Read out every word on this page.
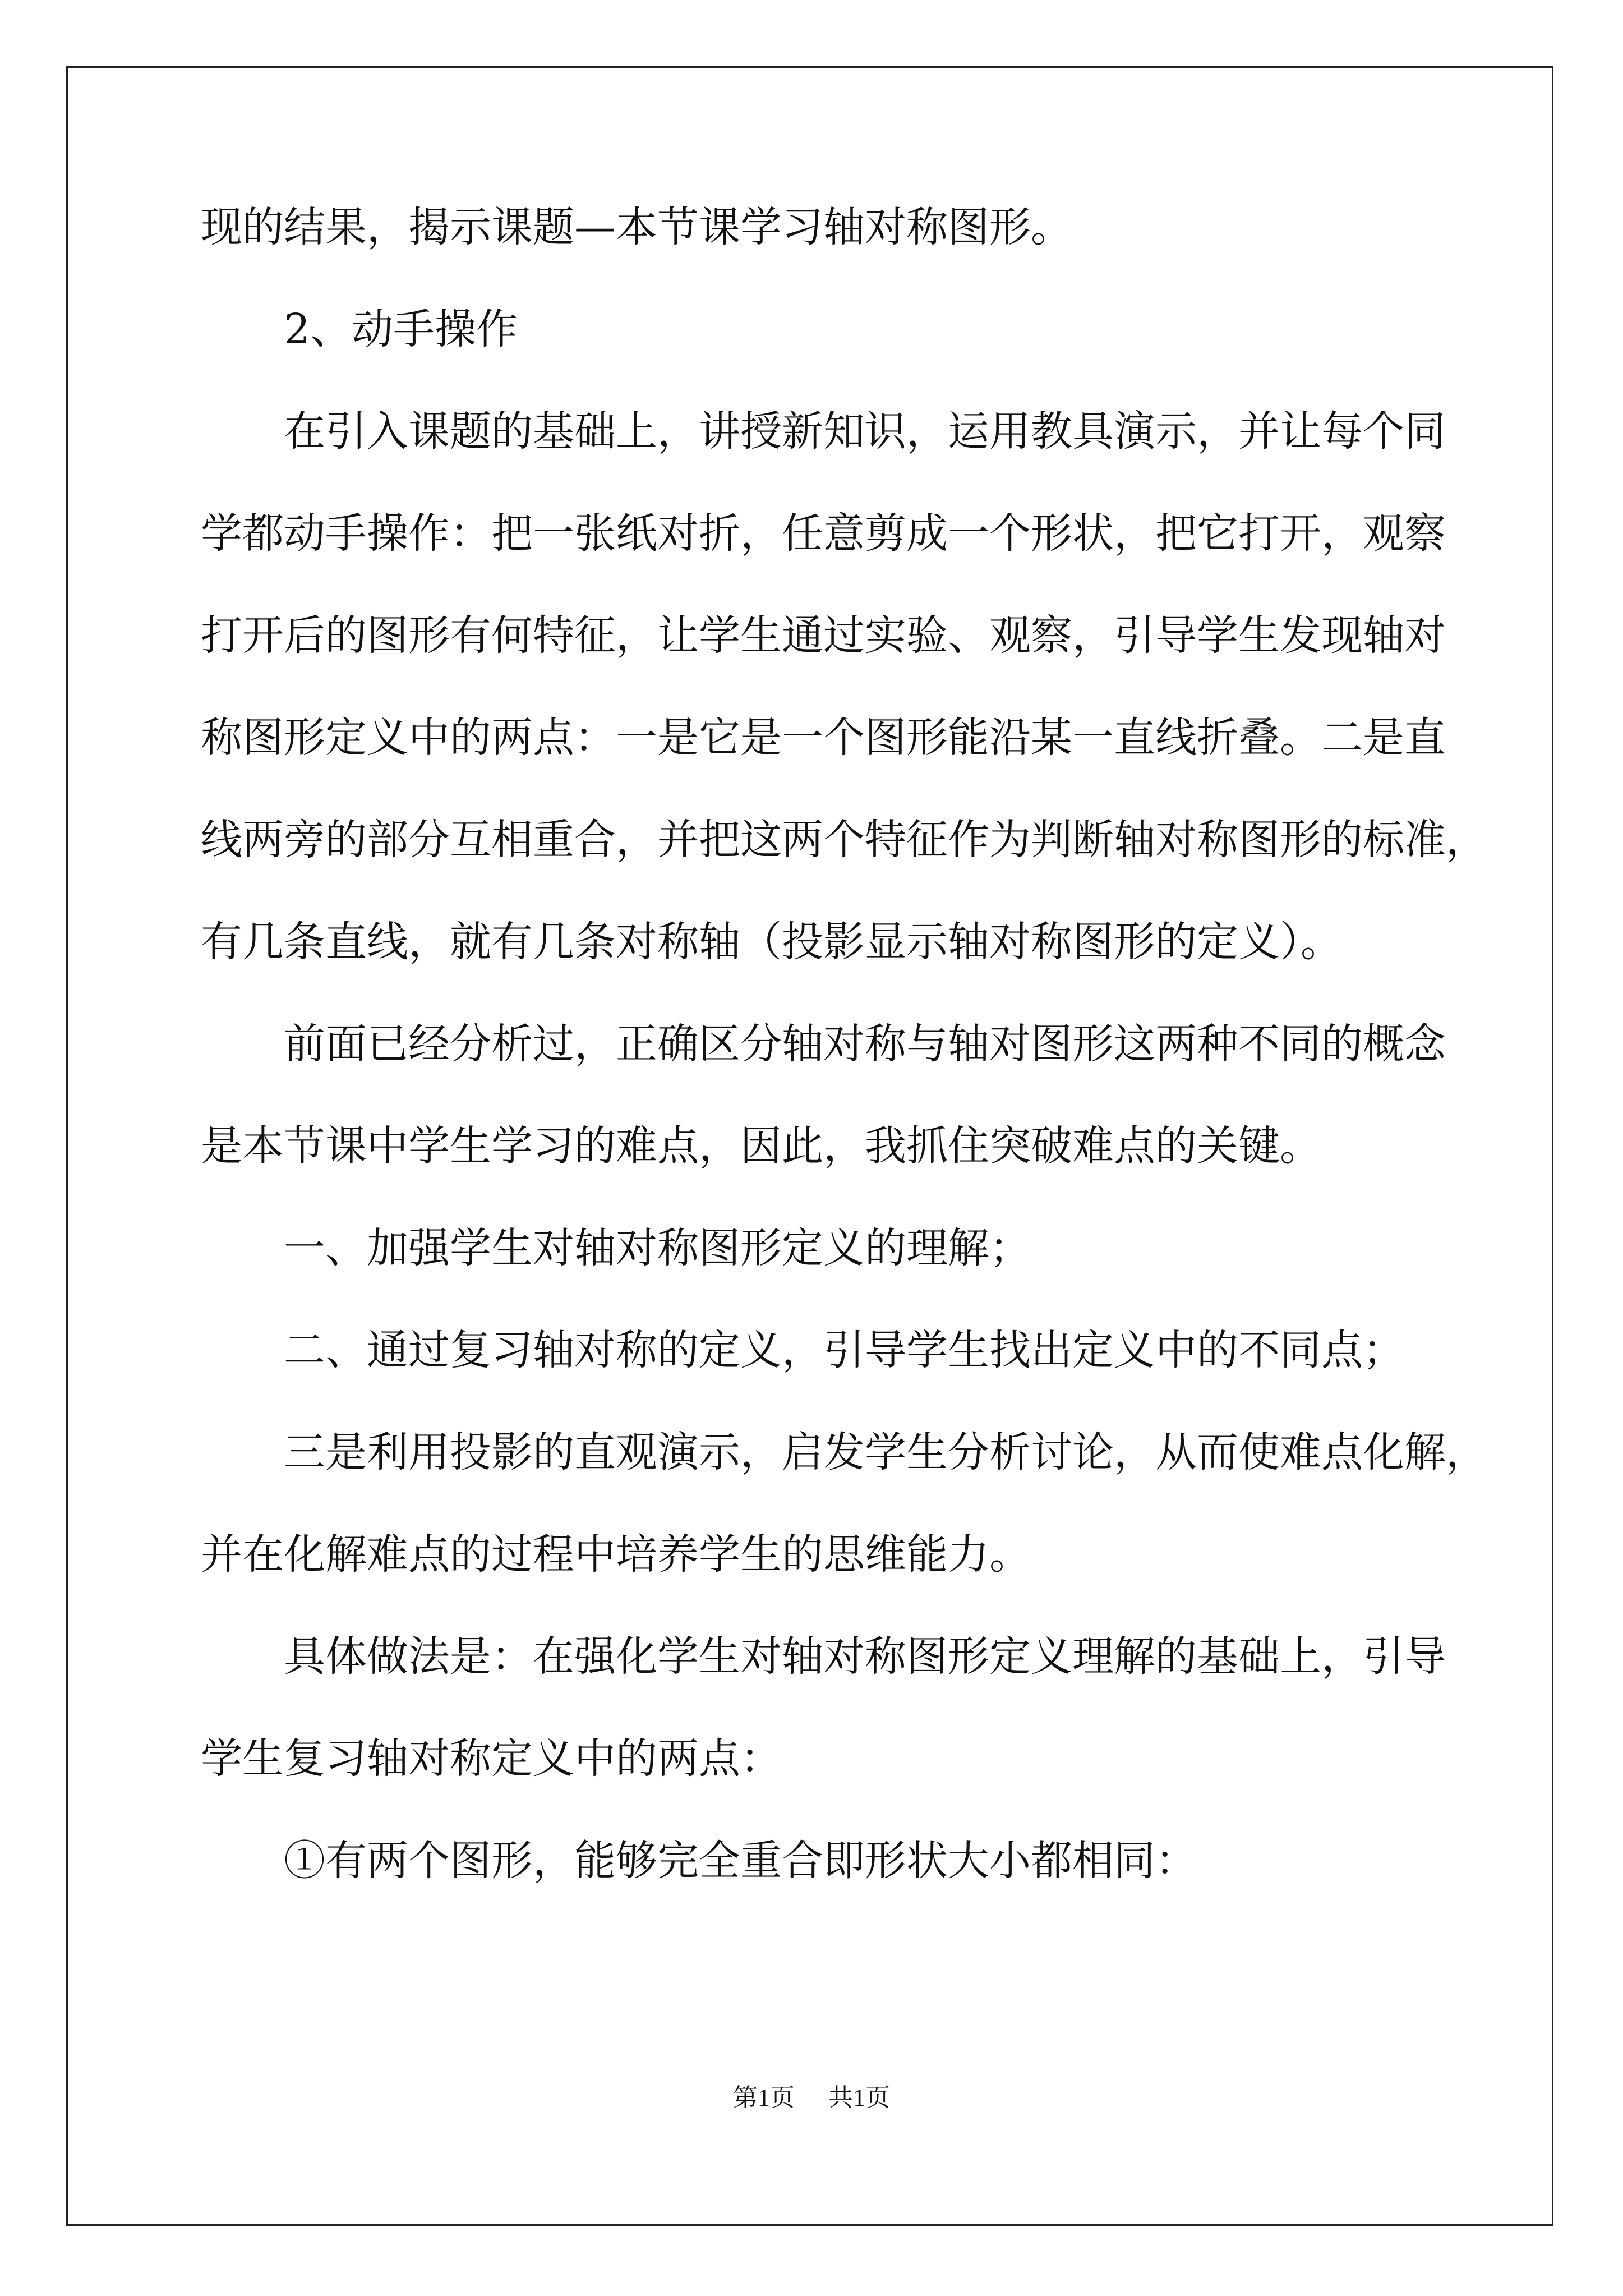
现的结果，揭示课题—本节课学习轴对称图形。
2、动手操作
在引入课题的基础上，讲授新知识，运用教具演示，并让每个同
学都动手操作：把一张纸对折，任意剪成一个形状，把它打开，观察
打开后的图形有何特征，让学生通过实验、观察，引导学生发现轴对
称图形定义中的两点：一是它是一个图形能沿某一直线折叠。二是直
线两旁的部分互相重合，并把这两个特征作为判断轴对称图形的标准，
有几条直线，就有几条对称轴（投影显示轴对称图形的定义）。
前面已经分析过，正确区分轴对称与轴对图形这两种不同的概念
是本节课中学生学习的难点，因此，我抓住突破难点的关键。
一、加强学生对轴对称图形定义的理解；
二、通过复习轴对称的定义，引导学生找出定义中的不同点；
三是利用投影的直观演示，启发学生分析讨论，从而使难点化解，
并在化解难点的过程中培养学生的思维能力。
具体做法是：在强化学生对轴对称图形定义理解的基础上，引导
学生复习轴对称定义中的两点：
①有两个图形，能够完全重合即形状大小都相同：
第1页 共1页
